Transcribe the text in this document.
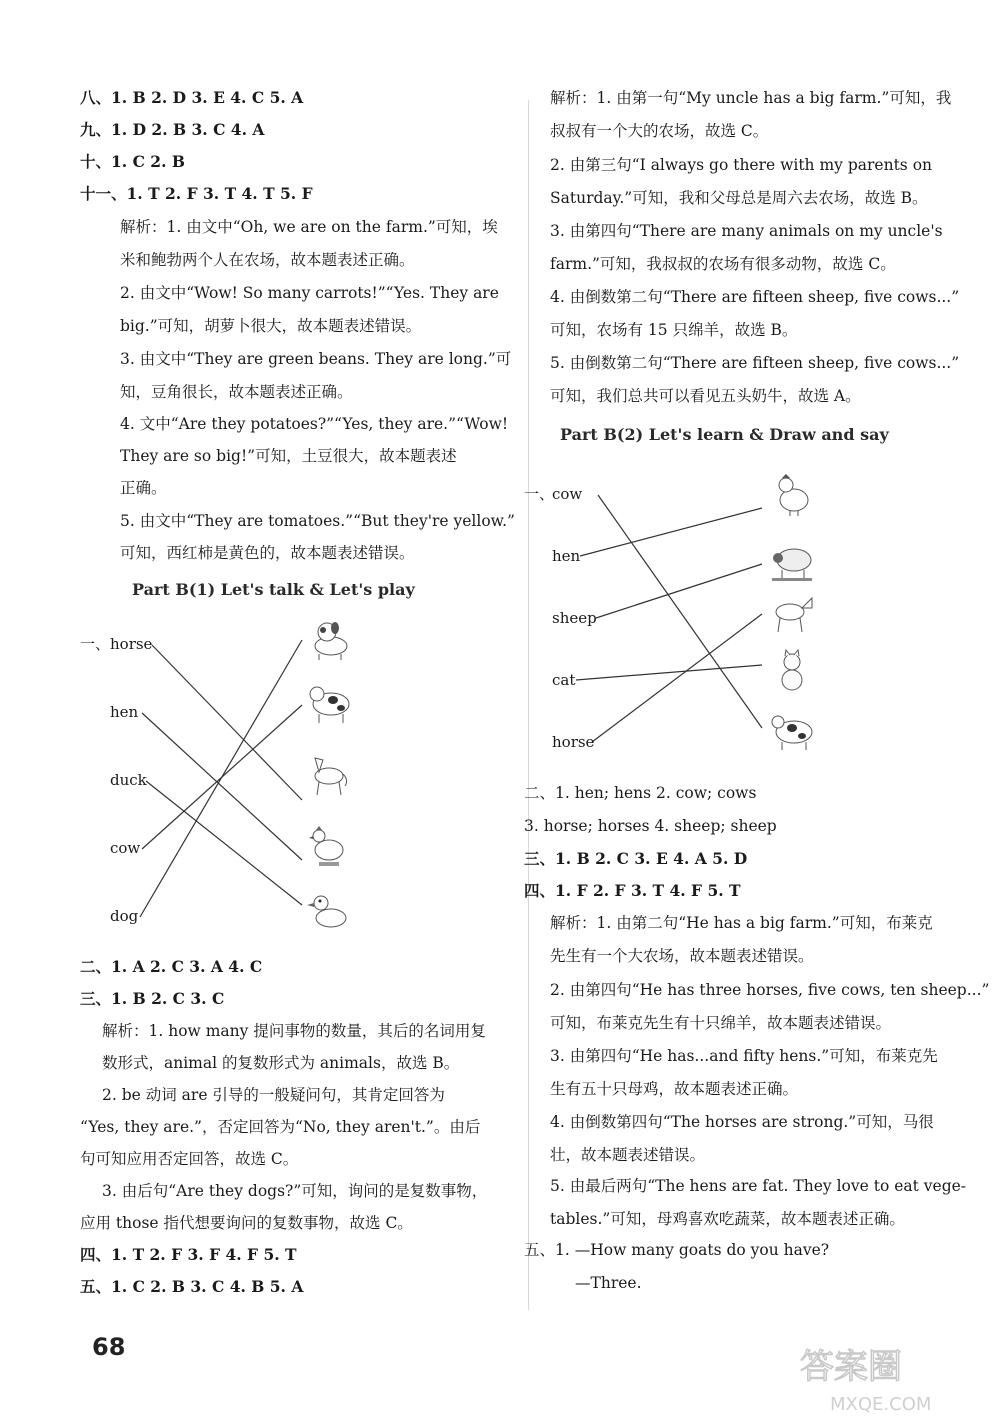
八、1. B 2. D 3. E 4. C 5. A
九、1. D 2. B 3. C 4. A
十、1. C 2. B
十一、1. T 2. F 3. T 4. T 5. F
解析：1. 由文中“Oh, we are on the farm.”可知，埃
米和鲍勃两个人在农场，故本题表述正确。
2. 由文中“Wow! So many carrots!”“Yes. They are
big.”可知，胡萝卜很大，故本题表述错误。
3. 由文中“They are green beans. They are long.”可
知，豆角很长，故本题表述正确。
4. 文中“Are they potatoes?”“Yes, they are.”“Wow!
They are so big!”可知，土豆很大，故本题表述
正确。
5. 由文中“They are tomatoes.”“But they're yellow.”
可知，西红柿是黄色的，故本题表述错误。
Part B(1) Let's talk & Let's play
一、 horse
hen
duck
cow
dog
二、1. A 2. C 3. A 4. C
三、1. B 2. C 3. C
解析：1. how many 提问事物的数量，其后的名词用复
数形式，animal 的复数形式为 animals，故选 B。
2. be 动词 are 引导的一般疑问句，其肯定回答为
“Yes, they are.”，否定回答为“No, they aren't.”。由后
句可知应用否定回答，故选 C。
3. 由后句“Are they dogs?”可知，询问的是复数事物，
应用 those 指代想要询问的复数事物，故选 C。
四、1. T 2. F 3. F 4. F 5. T
五、1. C 2. B 3. C 4. B 5. A
解析：1. 由第一句“My uncle has a big farm.”可知，我
叔叔有一个大的农场，故选 C。
2. 由第三句“I always go there with my parents on
Saturday.”可知，我和父母总是周六去农场，故选 B。
3. 由第四句“There are many animals on my uncle's
farm.”可知，我叔叔的农场有很多动物，故选 C。
4. 由倒数第二句“There are fifteen sheep, five cows...”
可知，农场有 15 只绵羊，故选 B。
5. 由倒数第二句“There are fifteen sheep, five cows...”
可知，我们总共可以看见五头奶牛，故选 A。
Part B(2) Let's learn & Draw and say
一、
cow
hen
sheep
cat
horse
二、1. hen; hens 2. cow; cows
3. horse; horses 4. sheep; sheep
三、1. B 2. C 3. E 4. A 5. D
四、1. F 2. F 3. T 4. F 5. T
解析：1. 由第二句“He has a big farm.”可知，布莱克
先生有一个大农场，故本题表述错误。
2. 由第四句“He has three horses, five cows, ten sheep...”
可知，布莱克先生有十只绵羊，故本题表述错误。
3. 由第四句“He has...and fifty hens.”可知，布莱克先
生有五十只母鸡，故本题表述正确。
4. 由倒数第四句“The horses are strong.”可知，马很
壮，故本题表述错误。
5. 由最后两句“The hens are fat. They love to eat vege-
tables.”可知，母鸡喜欢吃蔬菜，故本题表述正确。
五、1. —How many goats do you have?
—Three.
68	答案圈
MXQE.COM
